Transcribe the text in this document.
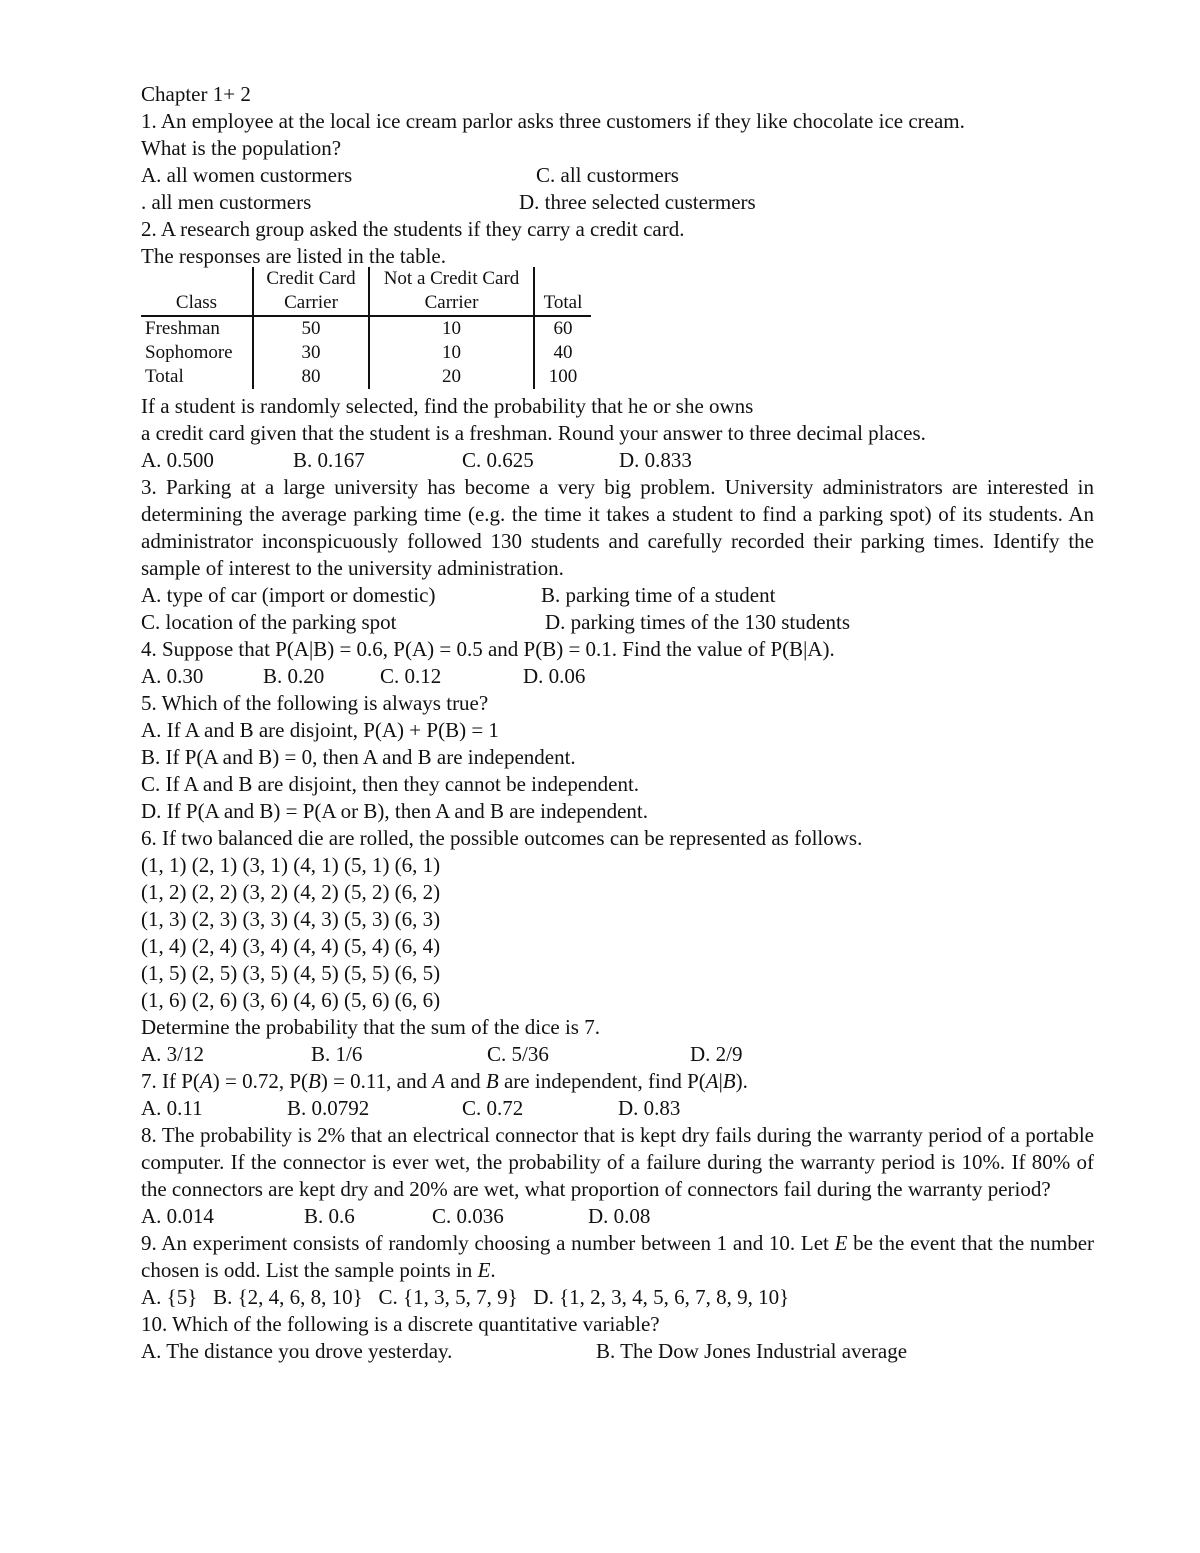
Chapter 1+ 2
1. An employee at the local ice cream parlor asks three customers if they like chocolate ice cream.
What is the population?
A. all women custormers	C. all custormers
. all men custormers	D. three selected custermers
2. A research group asked the students if they carry a credit card.
The responses are listed in the table.
	Credit Card	Not a Credit Card	
Class	Carrier	Carrier	Total
Freshman	50	10	60
Sophomore	30	10	40
Total	80	20	100
If a student is randomly selected, find the probability that he or she owns
a credit card given that the student is a freshman. Round your answer to three decimal places.
A. 0.500	B. 0.167	C. 0.625	D. 0.833
3. Parking at a large university has become a very big problem. University administrators are interested in determining the average parking time (e.g. the time it takes a student to find a parking spot) of its students. An administrator inconspicuously followed 130 students and carefully recorded their parking times. Identify the sample of interest to the university administration.
A. type of car (import or domestic)	B. parking time of a student
C. location of the parking spot	D. parking times of the 130 students
4. Suppose that P(A|B) = 0.6, P(A) = 0.5 and P(B) = 0.1. Find the value of P(B|A).
A. 0.30	B. 0.20	C. 0.12	D. 0.06
5. Which of the following is always true?
A. If A and B are disjoint, P(A) + P(B) = 1
B. If P(A and B) = 0, then A and B are independent.
C. If A and B are disjoint, then they cannot be independent.
D. If P(A and B) = P(A or B), then A and B are independent.
6. If two balanced die are rolled, the possible outcomes can be represented as follows.
(1, 1) (2, 1) (3, 1) (4, 1) (5, 1) (6, 1)
(1, 2) (2, 2) (3, 2) (4, 2) (5, 2) (6, 2)
(1, 3) (2, 3) (3, 3) (4, 3) (5, 3) (6, 3)
(1, 4) (2, 4) (3, 4) (4, 4) (5, 4) (6, 4)
(1, 5) (2, 5) (3, 5) (4, 5) (5, 5) (6, 5)
(1, 6) (2, 6) (3, 6) (4, 6) (5, 6) (6, 6)
Determine the probability that the sum of the dice is 7.
A. 3/12	B. 1/6	C. 5/36	D. 2/9
7. If P(A) = 0.72, P(B) = 0.11, and A and B are independent, find P(A|B).
A. 0.11	B. 0.0792	C. 0.72	D. 0.83
8. The probability is 2% that an electrical connector that is kept dry fails during the warranty period of a portable computer. If the connector is ever wet, the probability of a failure during the warranty period is 10%. If 80% of the connectors are kept dry and 20% are wet, what proportion of connectors fail during the warranty period?
A. 0.014	B. 0.6	C. 0.036	D. 0.08
9. An experiment consists of randomly choosing a number between 1 and 10. Let E be the event that the number chosen is odd. List the sample points in E.
A. {5}   B. {2, 4, 6, 8, 10}   C. {1, 3, 5, 7, 9}   D. {1, 2, 3, 4, 5, 6, 7, 8, 9, 10}
10. Which of the following is a discrete quantitative variable?
A. The distance you drove yesterday.	B. The Dow Jones Industrial average
